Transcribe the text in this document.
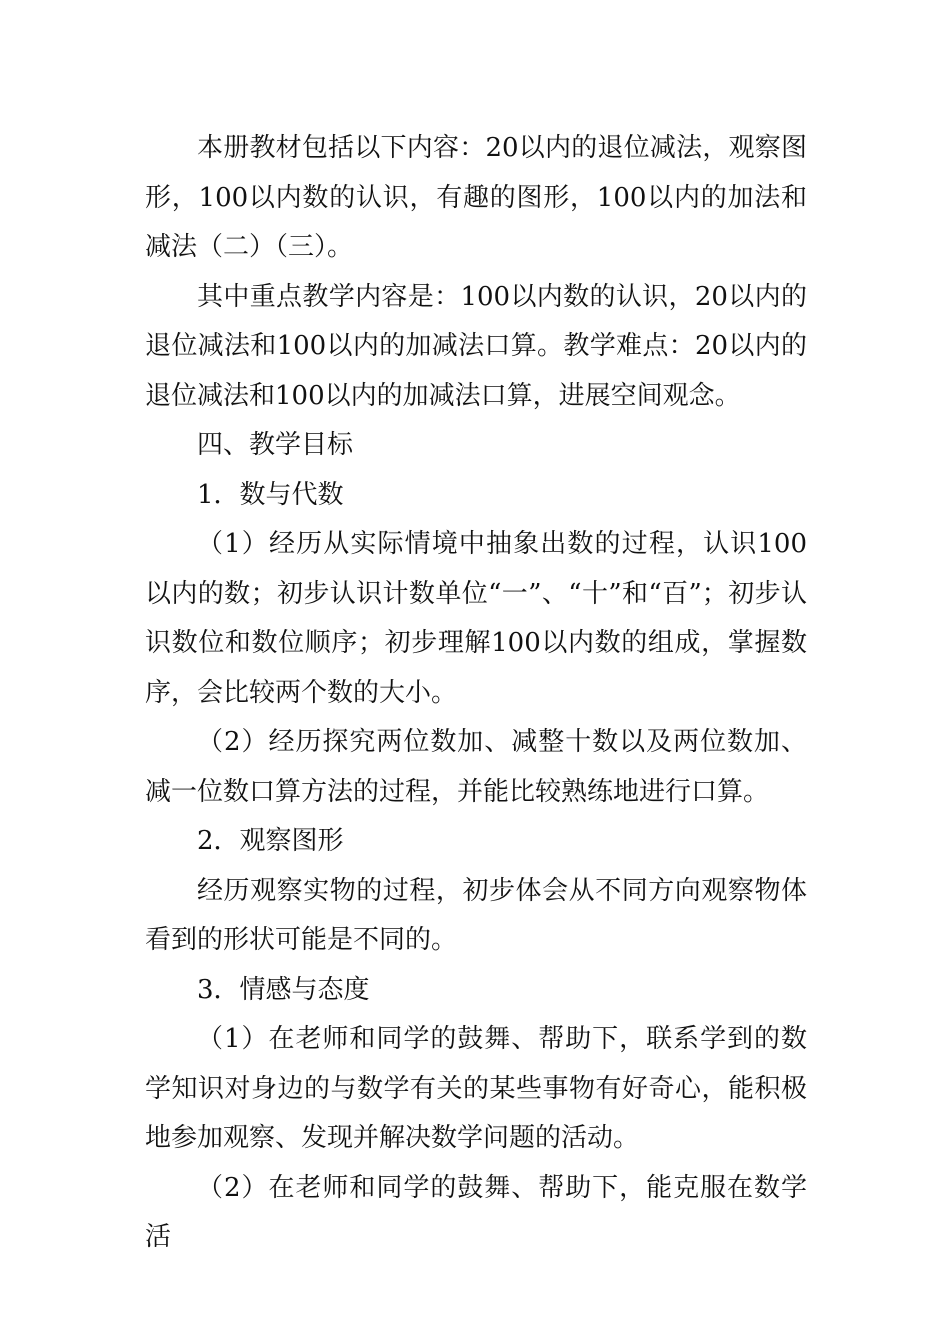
本册教材包括以下内容：20以内的退位减法，观察图形，100以内数的认识，有趣的图形，100以内的加法和减法（二）（三）。

其中重点教学内容是：100以内数的认识，20以内的退位减法和100以内的加减法口算。教学难点：20以内的退位减法和100以内的加减法口算，进展空间观念。

四、教学目标

1．数与代数

（1）经历从实际情境中抽象出数的过程，认识100以内的数；初步认识计数单位“一”、“十”和“百”；初步认识数位和数位顺序；初步理解100以内数的组成，掌握数序，会比较两个数的大小。

（2）经历探究两位数加、减整十数以及两位数加、减一位数口算方法的过程，并能比较熟练地进行口算。

2．观察图形

经历观察实物的过程，初步体会从不同方向观察物体看到的形状可能是不同的。

3．情感与态度

（1）在老师和同学的鼓舞、帮助下，联系学到的数学知识对身边的与数学有关的某些事物有好奇心，能积极地参加观察、发现并解决数学问题的活动。

（2）在老师和同学的鼓舞、帮助下，能克服在数学活
